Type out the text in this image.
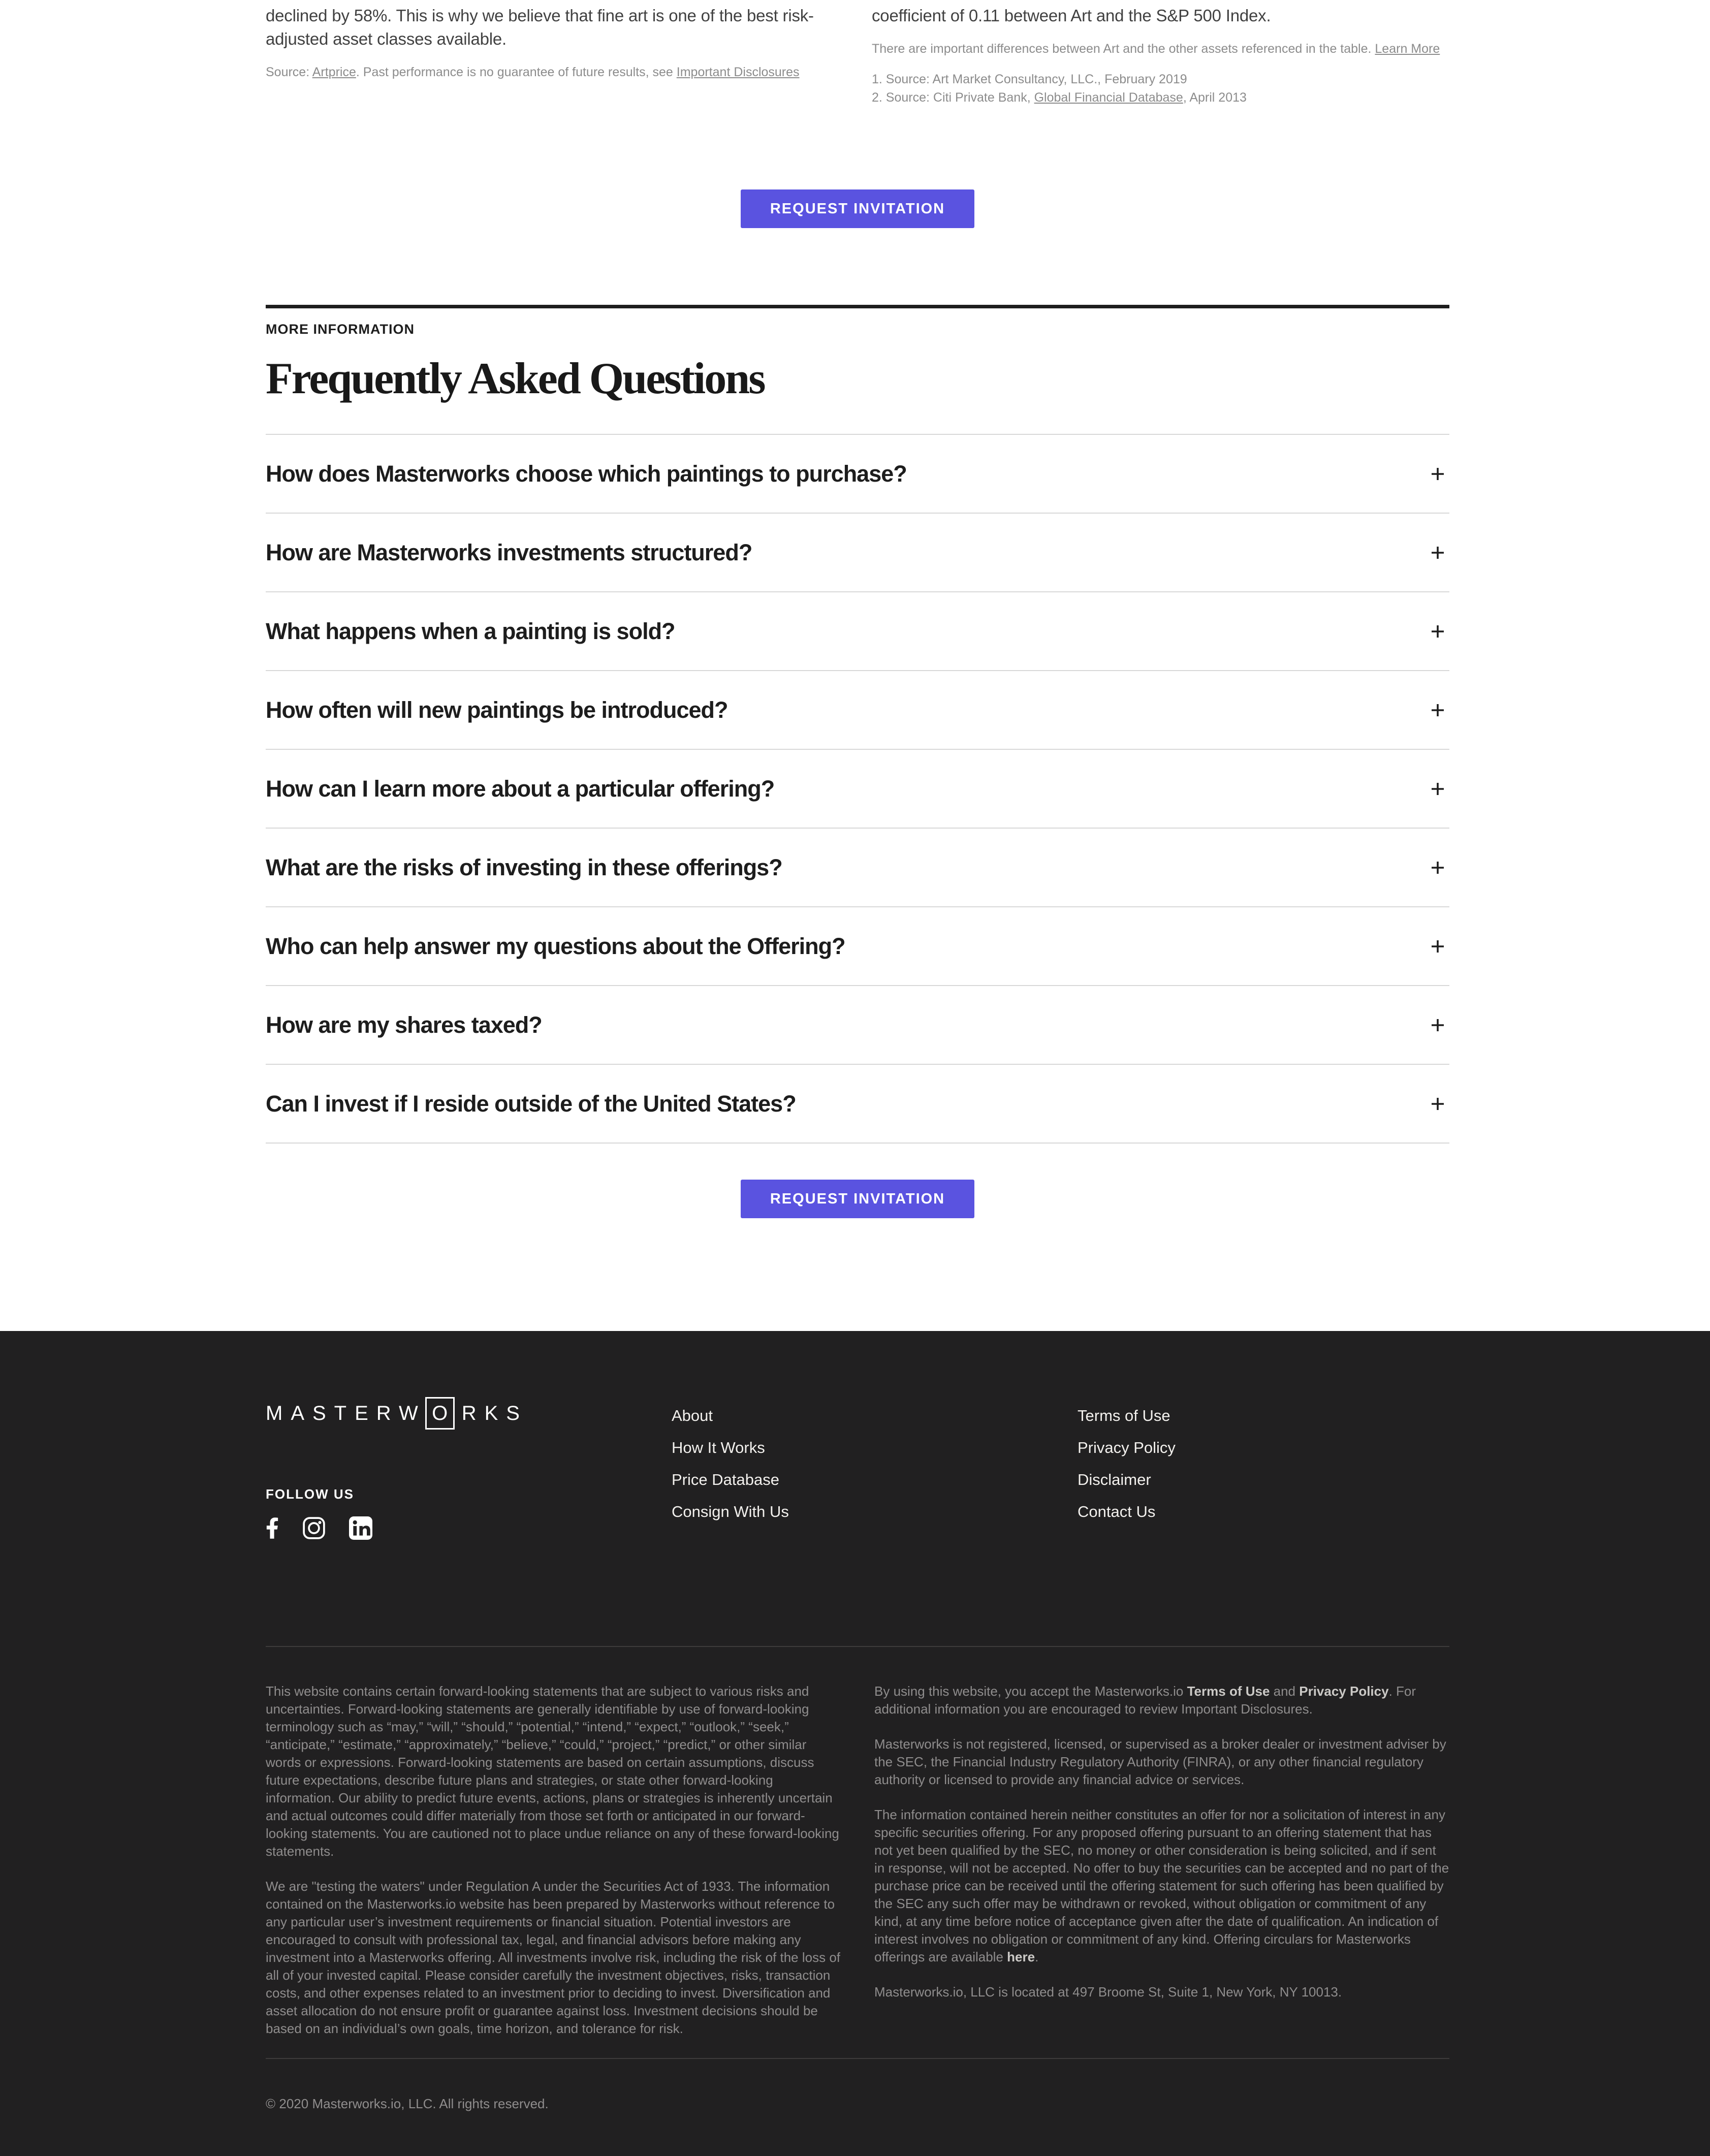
declined by 58%. This is why we believe that fine art is one of the best risk-adjusted asset classes available.

Source: Artprice. Past performance is no guarantee of future results, see Important Disclosures

coefficient of 0.11 between Art and the S&P 500 Index.

There are important differences between Art and the other assets referenced in the table. Learn More

1. Source: Art Market Consultancy, LLC., February 2019
2. Source: Citi Private Bank, Global Financial Database, April 2013

REQUEST INVITATION

MORE INFORMATION

Frequently Asked Questions
How does Masterworks choose which paintings to purchase?
How are Masterworks investments structured?
What happens when a painting is sold?
How often will new paintings be introduced?
How can I learn more about a particular offering?
What are the risks of investing in these offerings?
Who can help answer my questions about the Offering?
How are my shares taxed?
Can I invest if I reside outside of the United States?
REQUEST INVITATION
MASTERW O RKS
FOLLOW US
About
How It Works
Price Database
Consign With Us
Terms of Use
Privacy Policy
Disclaimer
Contact Us

This website contains certain forward-looking statements that are subject to various risks and uncertainties. Forward-looking statements are generally identifiable by use of forward-looking terminology such as “may,” “will,” “should,” “potential,” “intend,” “expect,” “outlook,” “seek,” “anticipate,” “estimate,” “approximately,” “believe,” “could,” “project,” “predict,” or other similar words or expressions. Forward-looking statements are based on certain assumptions, discuss future expectations, describe future plans and strategies, or state other forward-looking information. Our ability to predict future events, actions, plans or strategies is inherently uncertain and actual outcomes could differ materially from those set forth or anticipated in our forward-looking statements. You are cautioned not to place undue reliance on any of these forward-looking statements.

We are "testing the waters" under Regulation A under the Securities Act of 1933. The information contained on the Masterworks.io website has been prepared by Masterworks without reference to any particular user’s investment requirements or financial situation. Potential investors are encouraged to consult with professional tax, legal, and financial advisors before making any investment into a Masterworks offering. All investments involve risk, including the risk of the loss of all of your invested capital. Please consider carefully the investment objectives, risks, transaction costs, and other expenses related to an investment prior to deciding to invest. Diversification and asset allocation do not ensure profit or guarantee against loss. Investment decisions should be based on an individual’s own goals, time horizon, and tolerance for risk.

By using this website, you accept the Masterworks.io Terms of Use and Privacy Policy. For additional information you are encouraged to review Important Disclosures.

Masterworks is not registered, licensed, or supervised as a broker dealer or investment adviser by the SEC, the Financial Industry Regulatory Authority (FINRA), or any other financial regulatory authority or licensed to provide any financial advice or services.

The information contained herein neither constitutes an offer for nor a solicitation of interest in any specific securities offering. For any proposed offering pursuant to an offering statement that has not yet been qualified by the SEC, no money or other consideration is being solicited, and if sent in response, will not be accepted. No offer to buy the securities can be accepted and no part of the purchase price can be received until the offering statement for such offering has been qualified by the SEC any such offer may be withdrawn or revoked, without obligation or commitment of any kind, at any time before notice of acceptance given after the date of qualification. An indication of interest involves no obligation or commitment of any kind. Offering circulars for Masterworks offerings are available here.

Masterworks.io, LLC is located at 497 Broome St, Suite 1, New York, NY 10013.

© 2020 Masterworks.io, LLC. All rights reserved.
